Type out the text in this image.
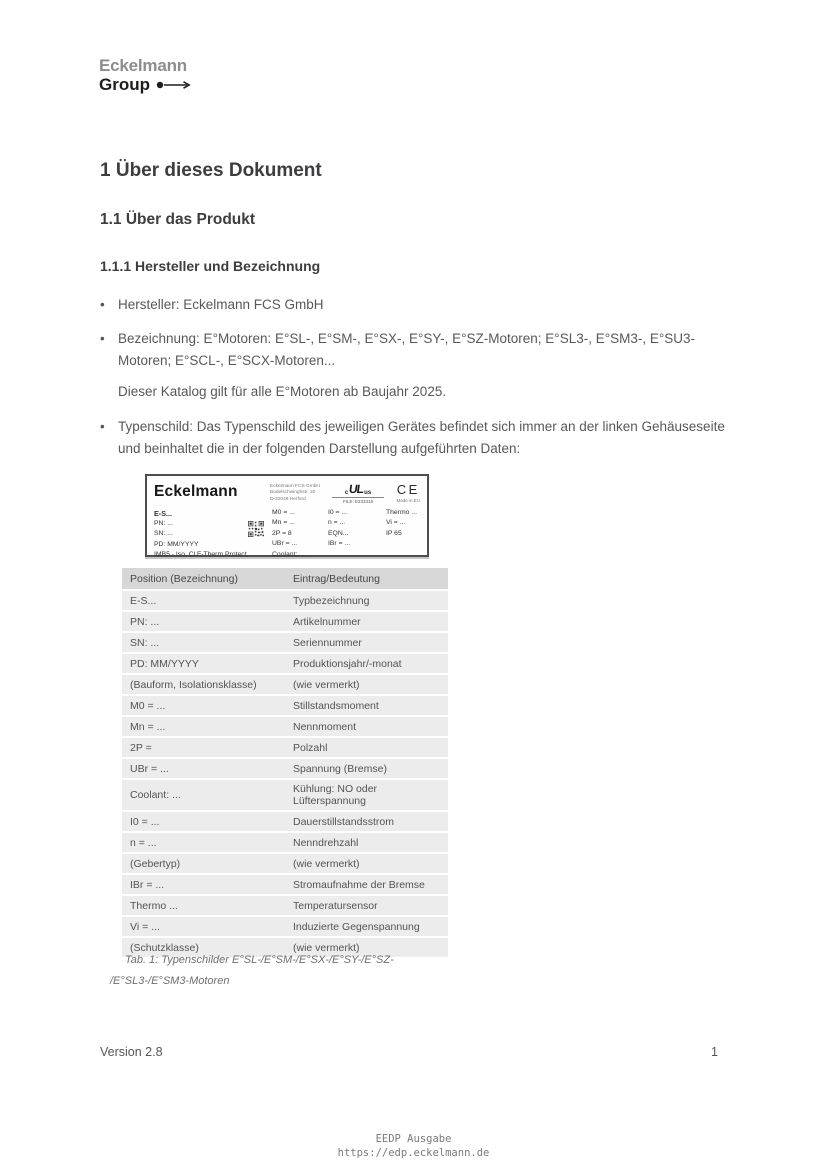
Eckelmann
Group
1 Über dieses Dokument
1.1 Über das Produkt
1.1.1 Hersteller und Bezeichnung
• Hersteller: Eckelmann FCS GmbH
• Bezeichnung: E°Motoren: E°SL-, E°SM-, E°SX-, E°SY-, E°SZ-Motoren; E°SL3-, E°SM3-, E°SU3-Motoren; E°SCL-, E°SCX-Motoren...
Dieser Katalog gilt für alle E°Motoren ab Baujahr 2025.
• Typenschild: Das Typenschild des jeweiligen Gerätes befindet sich immer an der linken Gehäuseseite und beinhaltet die in der folgenden Darstellung aufgeführten Daten:
Eckelmann	Eckelmann FCS GmbH
Bodelschwinghstr. 20
D-32049 Herford
c UL us
FILE: E233316
CE
Made in EU
E-S...
PN: ...
SN: ...
PD: MM/YYYY
IMB5 - Iso. Cl.F-Therm Protect
M0 = ...
Mn = ...
2P = 8
UBr = ...
Coolant: ...
I0 = ...
n = ...
EQN...
IBr = ...
Thermo ...
Vi = ...
IP 65
Position (Bezeichnung)	Eintrag/Bedeutung
E-S...	Typbezeichnung
PN: ...	Artikelnummer
SN: ...	Seriennummer
PD: MM/YYYY	Produktionsjahr/-monat
(Bauform, Isolationsklasse)	(wie vermerkt)
M0 = ...	Stillstandsmoment
Mn = ...	Nennmoment
2P =	Polzahl
UBr = ...	Spannung (Bremse)
Coolant: ...	Kühlung: NO oder Lüfterspannung
I0 = ...	Dauerstillstandsstrom
n = ...	Nenndrehzahl
(Gebertyp)	(wie vermerkt)
IBr = ...	Stromaufnahme der Bremse
Thermo ...	Temperatursensor
Vi = ...	Induzierte Gegenspannung
(Schutzklasse)	(wie vermerkt)
Tab. 1: Typenschilder E°SL-/E°SM-/E°SX-/E°SY-/E°SZ-
/E°SL3-/E°SM3-Motoren
Version 2.8	1
EEDP Ausgabe
https://edp.eckelmann.de
